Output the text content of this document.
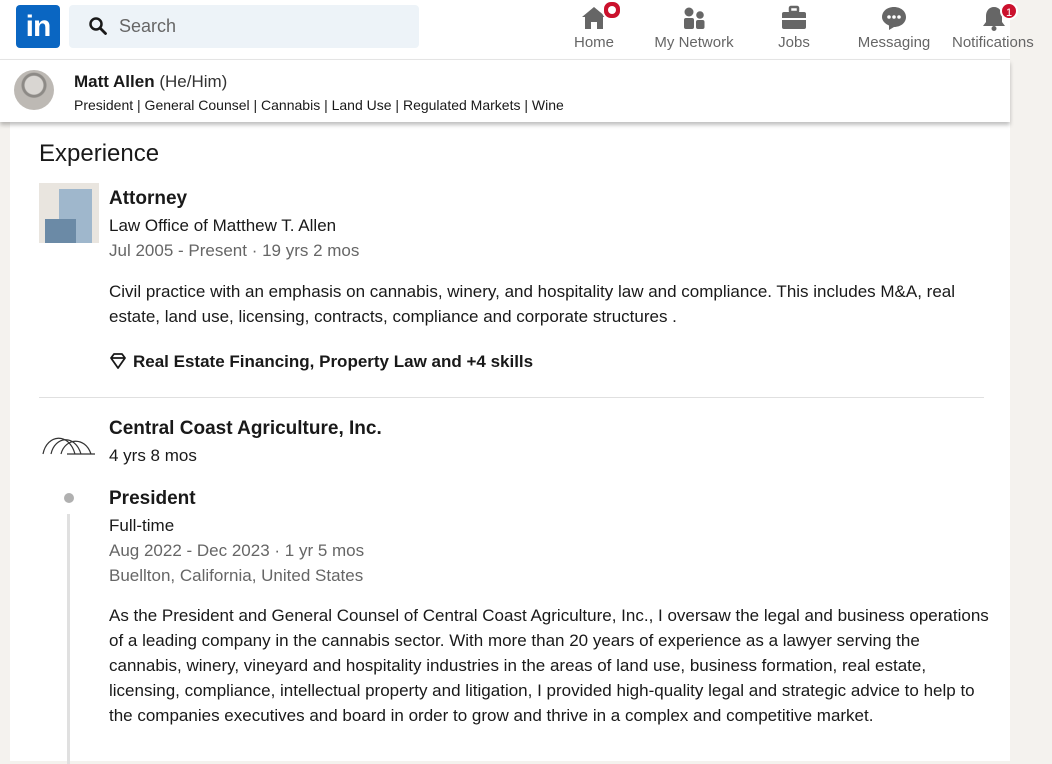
in
Search	Home	My Network	Jobs	Messaging
1
Notifications
Matt Allen (He/Him)
President | General Counsel | Cannabis | Land Use | Regulated Markets | Wine
Experience
Attorney
Law Office of Matthew T. Allen
Jul 2005 - Present · 19 yrs 2 mos
Civil practice with an emphasis on cannabis, winery, and hospitality law and compliance. This includes M&A, real estate, land use, licensing, contracts, compliance and corporate structures .
Real Estate Financing, Property Law and +4 skills
Central Coast Agriculture, Inc.
4 yrs 8 mos
President
Full-time
Aug 2022 - Dec 2023 · 1 yr 5 mos
Buellton, California, United States
As the President and General Counsel of Central Coast Agriculture, Inc., I oversaw the legal and business operations of a leading company in the cannabis sector. With more than 20 years of experience as a lawyer serving the cannabis, winery, vineyard and hospitality industries in the areas of land use, business formation, real estate, licensing, compliance, intellectual property and litigation, I provided high-quality legal and strategic advice to help to the companies executives and board in order to grow and thrive in a complex and competitive market.
